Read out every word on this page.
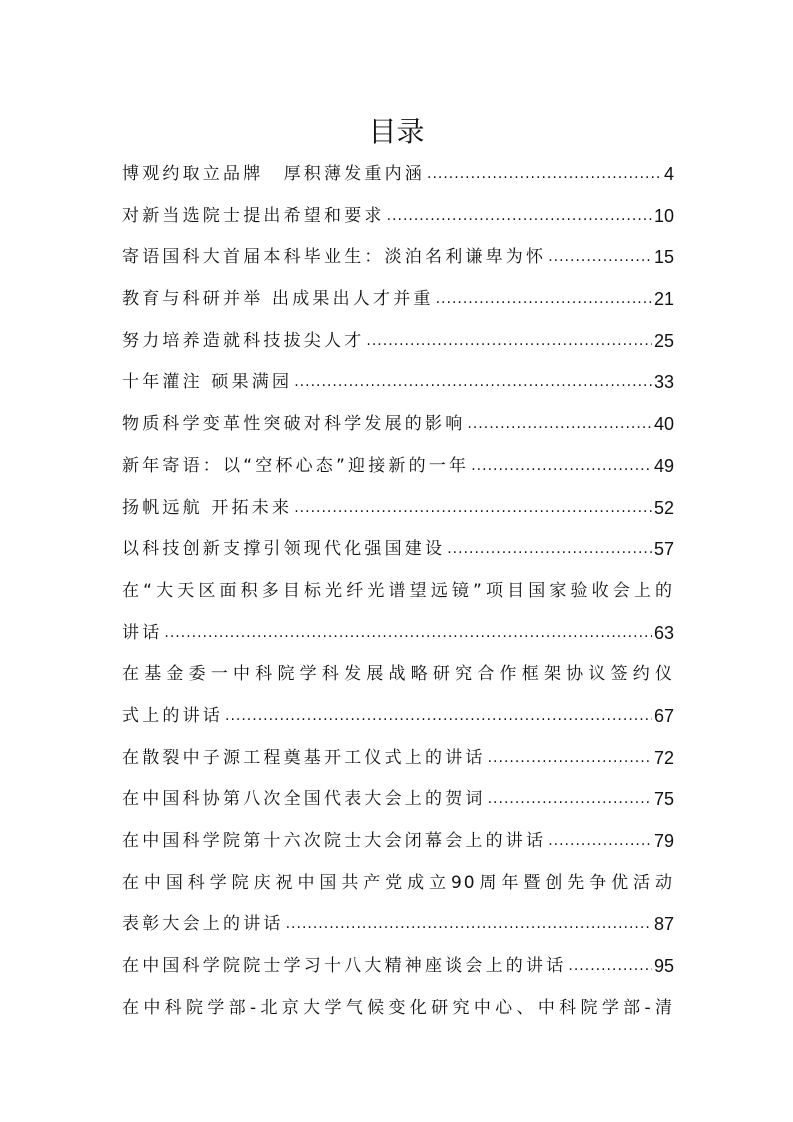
目录
博观约取立品牌　厚积薄发重内涵 .....	4
对新当选院士提出希望和要求 .....	10
寄语国科大首届本科毕业生：淡泊名利谦卑为怀 .....	15
教育与科研并举 出成果出人才并重 .....	21
努力培养造就科技拔尖人才 .....	25
十年灌注 硕果满园 .....	33
物质科学变革性突破对科学发展的影响 .....	40
新年寄语：以“空杯心态”迎接新的一年 .....	49
扬帆远航 开拓未来 .....	52
以科技创新支撑引领现代化强国建设 .....	57
在“大天区面积多目标光纤光谱望远镜”项目国家验收会上的
讲话 .....	63
在基金委一中科院学科发展战略研究合作框架协议签约仪
式上的讲话 .....	67
在散裂中子源工程奠基开工仪式上的讲话 .....	72
在中国科协第八次全国代表大会上的贺词 .....	75
在中国科学院第十六次院士大会闭幕会上的讲话 .....	79
在中国科学院庆祝中国共产党成立90周年暨创先争优活动
表彰大会上的讲话 .....	87
在中国科学院院士学习十八大精神座谈会上的讲话 .....	95
在中科院学部-北京大学气候变化研究中心、中科院学部-清
